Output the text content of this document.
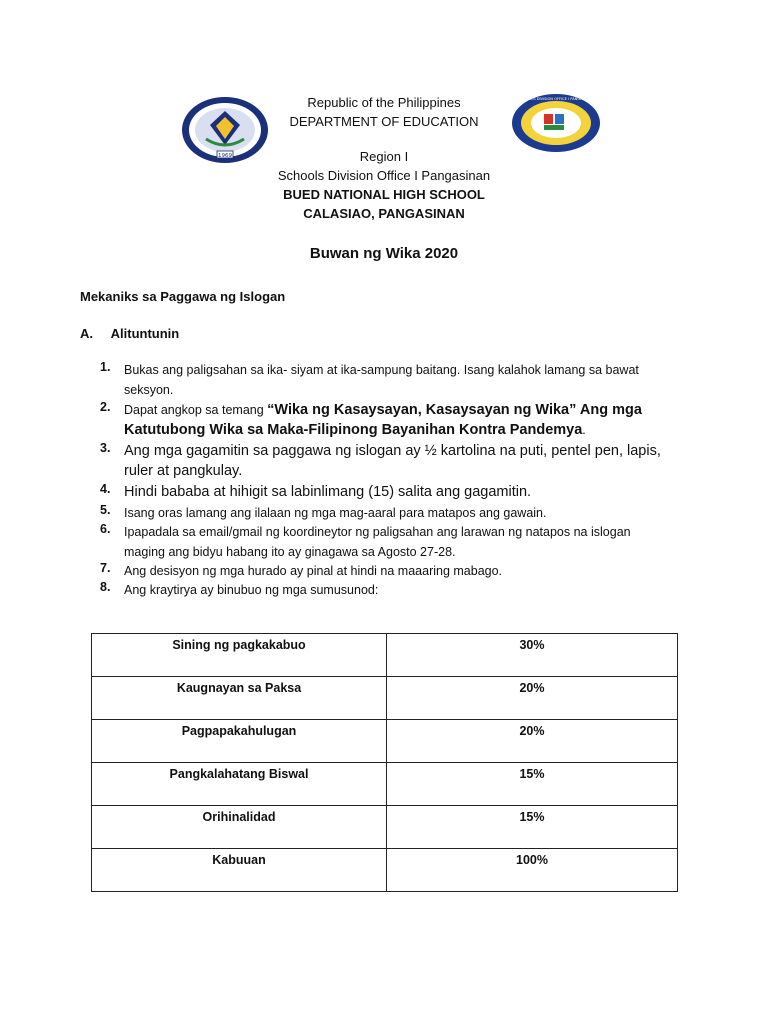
1969
SCHOOLS DIVISION OFFICE I PANGASINAN
Republic of the Philippines
DEPARTMENT OF EDUCATION
Region I
Schools Division Office I Pangasinan
BUED NATIONAL HIGH SCHOOL
CALASIAO, PANGASINAN
Buwan ng Wika 2020
Mekaniks sa Paggawa ng Islogan
A. Alituntunin
1. Bukas ang paligsahan sa ika- siyam at ika-sampung baitang. Isang kalahok lamang sa bawat seksyon.
2. Dapat angkop sa temang “Wika ng Kasaysayan, Kasaysayan ng Wika” Ang mga Katutubong Wika sa Maka-Filipinong Bayanihan Kontra Pandemya.
3. Ang mga gagamitin sa paggawa ng islogan ay ½ kartolina na puti, pentel pen, lapis, ruler at pangkulay.
4. Hindi bababa at hihigit sa labinlimang (15) salita ang gagamitin.
5. Isang oras lamang ang ilalaan ng mga mag-aaral para matapos ang gawain.
6. Ipapadala sa email/gmail ng koordineytor ng paligsahan ang larawan ng natapos na islogan maging ang bidyu habang ito ay ginagawa sa Agosto 27-28.
7. Ang desisyon ng mga hurado ay pinal at hindi na maaaring mabago.
8. Ang kraytirya ay binubuo ng mga sumusunod:
Sining ng pagkakabuo	30%
Kaugnayan sa Paksa	20%
Pagpapakahulugan	20%
Pangkalahatang Biswal	15%
Orihinalidad	15%
Kabuuan	100%
